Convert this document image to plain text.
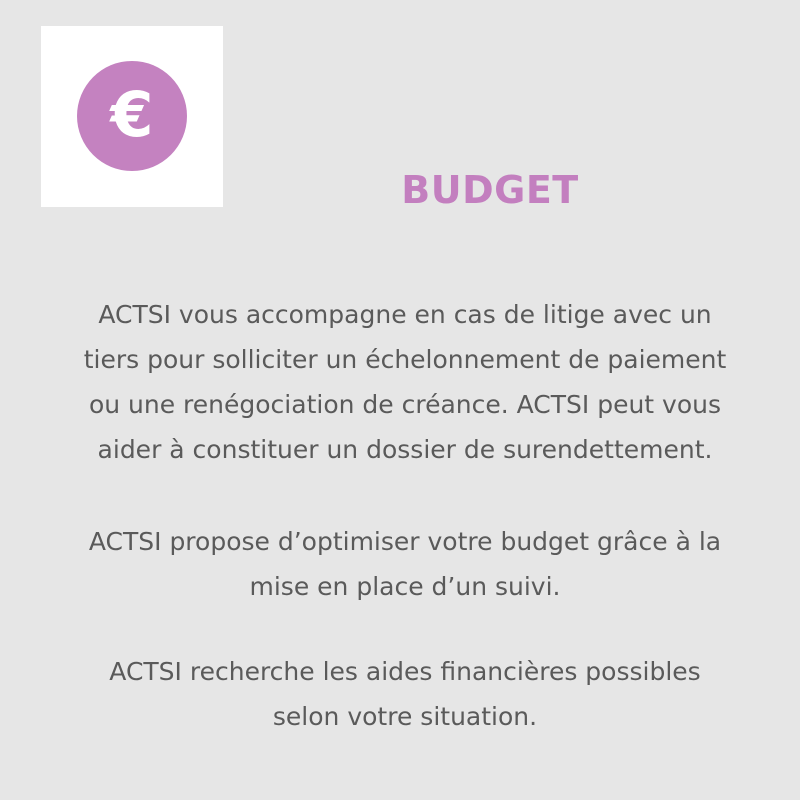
€
BUDGET
ACTSI vous accompagne en cas de litige avec un
tiers pour solliciter un échelonnement de paiement
ou une renégociation de créance. ACTSI peut vous
aider à constituer un dossier de surendettement.
ACTSI propose d’optimiser votre budget grâce à la
mise en place d’un suivi.
ACTSI recherche les aides financières possibles
selon votre situation.
